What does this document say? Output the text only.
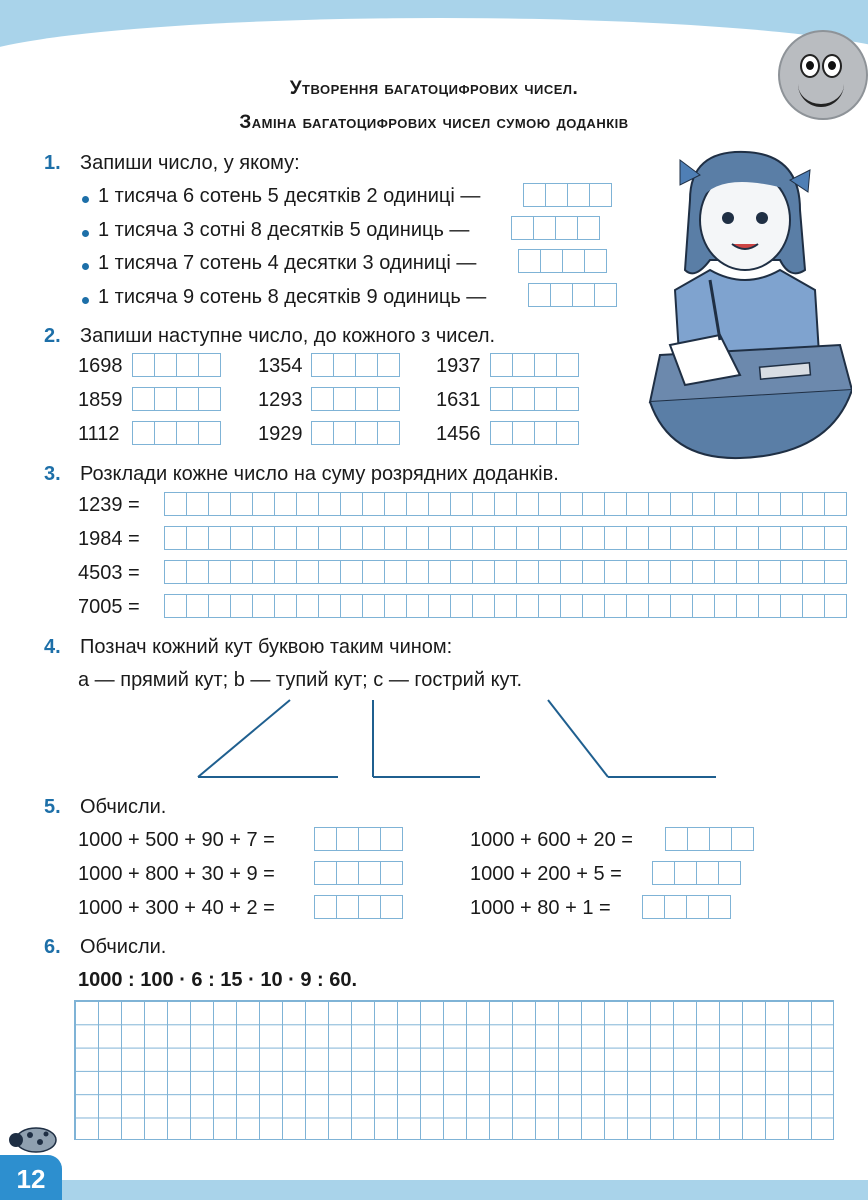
Утворення багатоцифрових чисел.
Заміна багатоцифрових чисел сумою доданків
1. Запиши число, у якому:
1 тисяча 6 сотень 5 десятків 2 одиниці —
1 тисяча 3 сотні 8 десятків 5 одиниць —
1 тисяча 7 сотень 4 десятки 3 одиниці —
1 тисяча 9 сотень 8 десятків 9 одиниць —
2. Запиши наступне число, до кожного з чисел.
1698	1354	1937
1859	1293	1631
1112	1929	1456
3. Розклади кожне число на суму розрядних доданків.
1239 =
1984 =
4503 =
7005 =
4. Познач кожний кут буквою таким чином:
a — прямий кут; b — тупий кут; c — гострий кут.
5. Обчисли.
1000 + 500 + 90 + 7 =
1000 + 800 + 30 + 9 =
1000 + 300 + 40 + 2 =
1000 + 600 + 20 =
1000 + 200 + 5 =
1000 + 80 + 1 =
6. Обчисли.
1000 : 100 · 6 : 15 · 10 · 9 : 60.
12
